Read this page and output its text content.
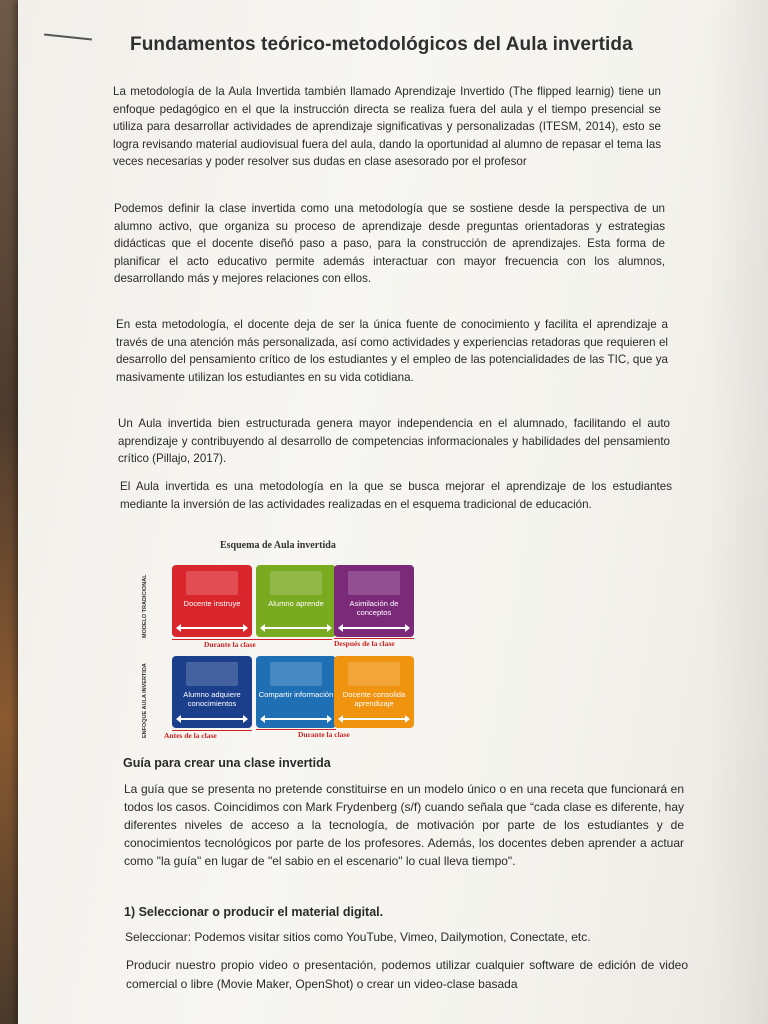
Fundamentos teórico-metodológicos del Aula invertida
La metodología de la Aula Invertida también llamado Aprendizaje Invertido (The flipped learnig) tiene un enfoque pedagógico en el que la instrucción directa se realiza fuera del aula y el tiempo presencial se utiliza para desarrollar actividades de aprendizaje significativas y personalizadas (ITESM, 2014), esto se logra revisando material audiovisual fuera del aula, dando la oportunidad al alumno de repasar el tema las veces necesarias y poder resolver sus dudas en clase asesorado por el profesor
Podemos definir la clase invertida como una metodología que se sostiene desde la perspectiva de un alumno activo, que organiza su proceso de aprendizaje desde preguntas orientadoras y estrategias didácticas que el docente diseñó paso a paso, para la construcción de aprendizajes. Esta forma de planificar el acto educativo permite además interactuar con mayor frecuencia con los alumnos, desarrollando más y mejores relaciones con ellos.
En esta metodología, el docente deja de ser la única fuente de conocimiento y facilita el aprendizaje a través de una atención más personalizada, así como actividades y experiencias retadoras que requieren el desarrollo del pensamiento crítico de los estudiantes y el empleo de las potencialidades de las TIC, que ya masivamente utilizan los estudiantes en su vida cotidiana.
Un Aula invertida bien estructurada genera mayor independencia en el alumnado, facilitando el auto aprendizaje y contribuyendo al desarrollo de competencias informacionales y habilidades del pensamiento crítico (Pillajo, 2017).
El Aula invertida es una metodología en la que se busca mejorar el aprendizaje de los estudiantes mediante la inversión de las actividades realizadas en el esquema tradicional de educación.
Esquema de Aula invertida
MODELO TRADICIONAL
ENFOQUE AULA INVERTIDA
Docente instruye	Alumno aprende	Asimilación de conceptos
Alumno adquiere conocimientos
Compartir información	Docente consolida aprendizaje
Durante la clase	Después de la clase
Antes de la clase	Durante la clase
Guía para crear una clase invertida
La guía que se presenta no pretende constituirse en un modelo único o en una receta que funcionará en todos los casos. Coincidimos con Mark Frydenberg (s/f) cuando señala que “cada clase es diferente, hay diferentes niveles de acceso a la tecnología, de motivación por parte de los estudiantes y de conocimientos tecnológicos por parte de los profesores. Además, los docentes deben aprender a actuar como "la guía" en lugar de "el sabio en el escenario" lo cual lleva tiempo".
1) Seleccionar o producir el material digital.
Seleccionar: Podemos visitar sitios como YouTube, Vimeo, Dailymotion, Conectate, etc.
Producir nuestro propio video o presentación, podemos utilizar cualquier software de edición de video comercial o libre (Movie Maker, OpenShot) o crear un video-clase basada
